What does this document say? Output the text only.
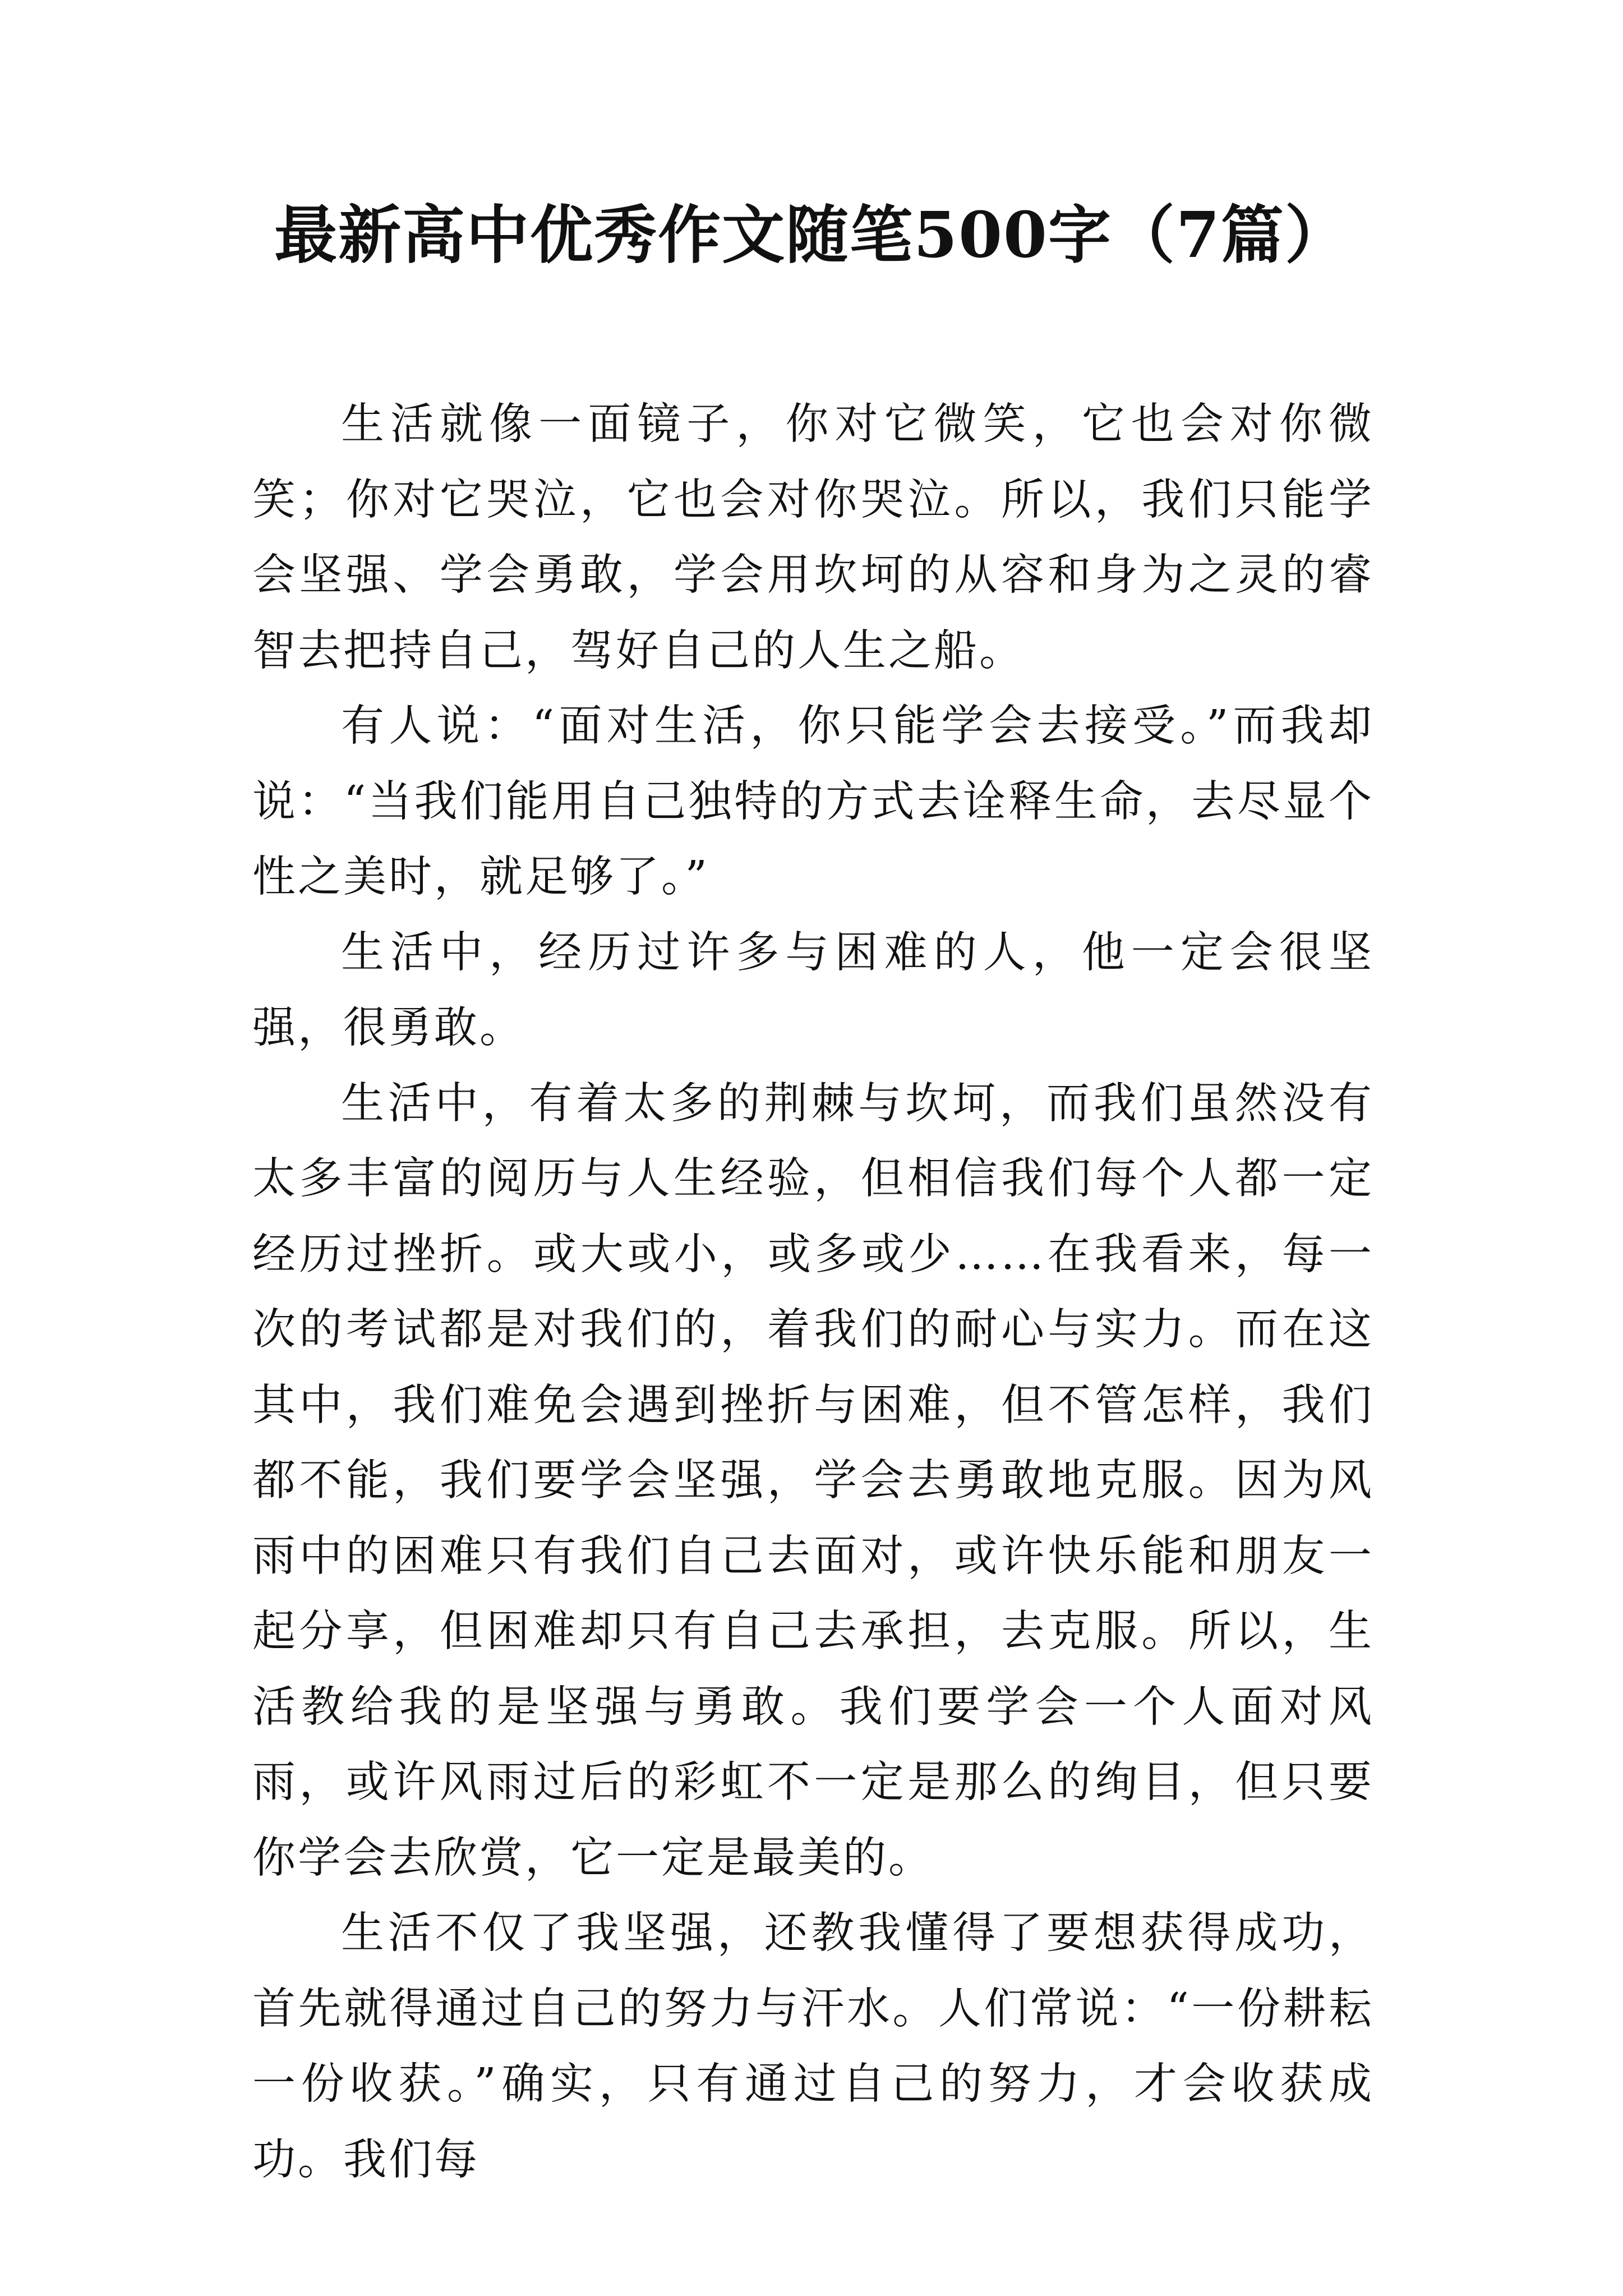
最新高中优秀作文随笔500字（7篇）

生活就像一面镜子，你对它微笑，它也会对你微笑；你对它哭泣，它也会对你哭泣。所以，我们只能学会坚强、学会勇敢，学会用坎坷的从容和身为之灵的睿智去把持自己，驾好自己的人生之船。

有人说：“面对生活，你只能学会去接受。”而我却说：“当我们能用自己独特的方式去诠释生命，去尽显个性之美时，就足够了。”

生活中，经历过许多与困难的人，他一定会很坚强，很勇敢。

生活中，有着太多的荆棘与坎坷，而我们虽然没有太多丰富的阅历与人生经验，但相信我们每个人都一定经历过挫折。或大或小，或多或少……在我看来，每一次的考试都是对我们的，着我们的耐心与实力。而在这其中，我们难免会遇到挫折与困难，但不管怎样，我们都不能，我们要学会坚强，学会去勇敢地克服。因为风雨中的困难只有我们自己去面对，或许快乐能和朋友一起分享，但困难却只有自己去承担，去克服。所以，生活教给我的是坚强与勇敢。我们要学会一个人面对风雨，或许风雨过后的彩虹不一定是那么的绚目，但只要你学会去欣赏，它一定是最美的。

生活不仅了我坚强，还教我懂得了要想获得成功，首先就得通过自己的努力与汗水。人们常说：“一份耕耘一份收获。”确实，只有通过自己的努力，才会收获成功。我们每
